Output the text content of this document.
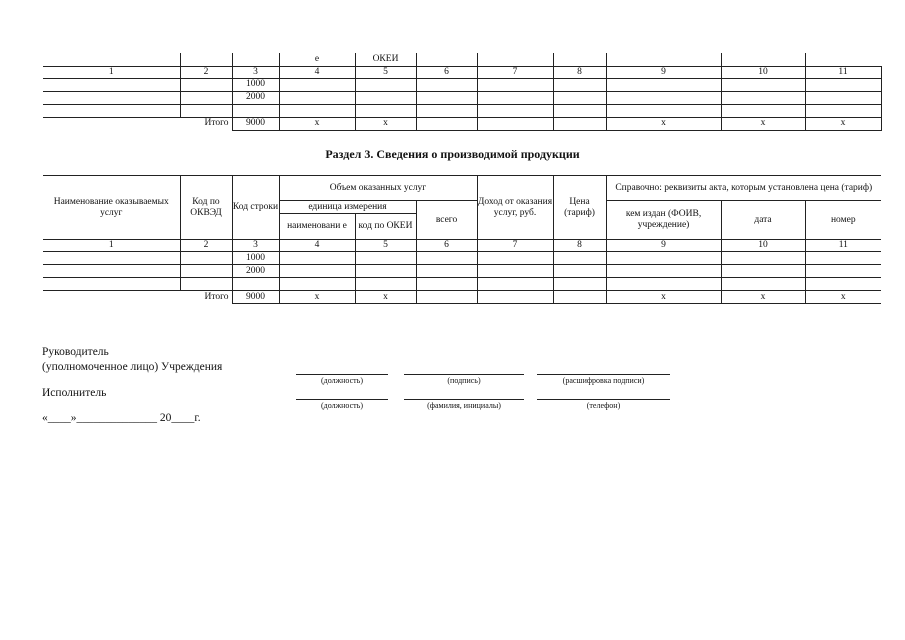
			е	ОКЕИ						
1	2	3	4	5	6	7	8	9	10	11
		1000								
		2000								

Итого		9000	x	x				x	x	x
Раздел 3. Сведения о производимой продукции
Наименование оказываемых услуг	Код по ОКВЭД	Код строки	Объем оказанных услуг			Доход от оказания услуг, руб.	Цена (тариф)	Справочно: реквизиты акта, которым установлена цена (тариф)		
			единица измерения		всего			кем издан (ФОИВ, учреждение)	дата	номер
			наименовани е	код по ОКЕИ						
1	2	3	4	5	6	7	8	9	10	11
		1000								
		2000								

Итого		9000	x	x				x	x	x
Руководитель
(уполномоченное лицо) Учреждения
(должность)	(подпись)	(расшифровка подписи)
Исполнитель
(должность)	(фамилия, инициалы)	(телефон)
«____»______________ 20____г.
